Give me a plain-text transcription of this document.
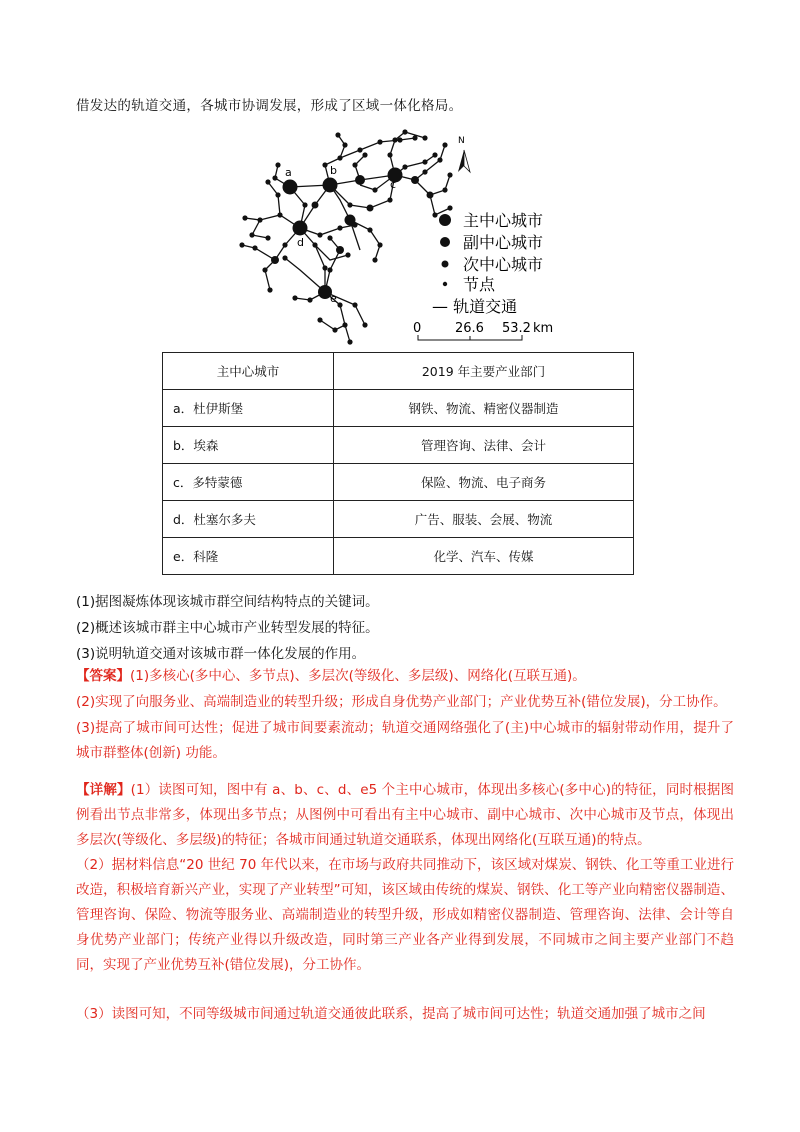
借发达的轨道交通，各城市协调发展，形成了区域一体化格局。
a	b
c
d
e
N
主中心城市
副中心城市
次中心城市
节点
— 轨道交通
0	26.6 53.2 km
主中心城市	2019 年主要产业部门
a．杜伊斯堡	钢铁、物流、精密仪器制造
b．埃森	管理咨询、法律、会计
c．多特蒙德	保险、物流、电子商务
d．杜塞尔多夫	广告、服装、会展、物流
e．科隆	化学、汽车、传媒
(1)据图凝炼体现该城市群空间结构特点的关键词。
(2)概述该城市群主中心城市产业转型发展的特征。
(3)说明轨道交通对该城市群一体化发展的作用。
【答案】(1)多核心(多中心、多节点)、多层次(等级化、多层级)、网络化(互联互通)。
(2)实现了向服务业、高端制造业的转型升级；形成自身优势产业部门；产业优势互补(错位发展)，分工协作。
(3)提高了城市间可达性；促进了城市间要素流动；轨道交通网络强化了(主)中心城市的辐射带动作用，提升了城市群整体(创新) 功能。
【详解】(1）读图可知，图中有 a、b、c、d、e5 个主中心城市，体现出多核心(多中心)的特征，同时根据图例看出节点非常多，体现出多节点；从图例中可看出有主中心城市、副中心城市、次中心城市及节点，体现出多层次(等级化、多层级)的特征；各城市间通过轨道交通联系，体现出网络化(互联互通)的特点。
（2）据材料信息“20 世纪 70 年代以来，在市场与政府共同推动下，该区域对煤炭、钢铁、化工等重工业进行改造，积极培育新兴产业，实现了产业转型”可知，该区域由传统的煤炭、钢铁、化工等产业向精密仪器制造、管理咨询、保险、物流等服务业、高端制造业的转型升级，形成如精密仪器制造、管理咨询、法律、会计等自身优势产业部门；传统产业得以升级改造，同时第三产业各产业得到发展，不同城市之间主要产业部门不趋同，实现了产业优势互补(错位发展)，分工协作。
（3）读图可知，不同等级城市间通过轨道交通彼此联系，提高了城市间可达性；轨道交通加强了城市之间
